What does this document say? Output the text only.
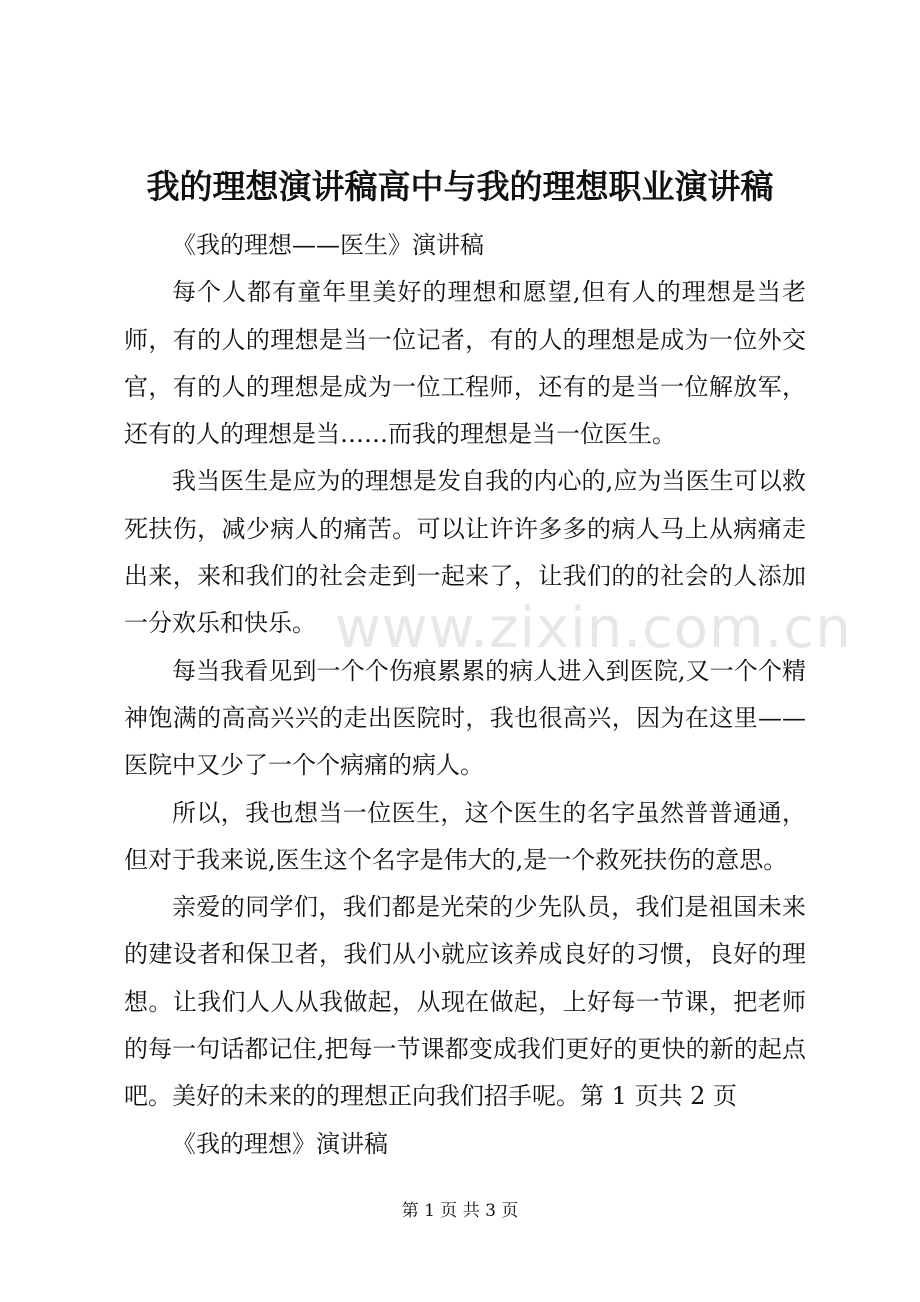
我的理想演讲稿高中与我的理想职业演讲稿

《我的理想——医生》演讲稿

每个人都有童年里美好的理想和愿望,但有人的理想是当老师，有的人的理想是当一位记者，有的人的理想是成为一位外交官，有的人的理想是成为一位工程师，还有的是当一位解放军，还有的人的理想是当……而我的理想是当一位医生。

我当医生是应为的理想是发自我的内心的,应为当医生可以救死扶伤，减少病人的痛苦。可以让许许多多的病人马上从病痛走出来，来和我们的社会走到一起来了，让我们的的社会的人添加一分欢乐和快乐。

每当我看见到一个个伤痕累累的病人进入到医院,又一个个精神饱满的高高兴兴的走出医院时，我也很高兴，因为在这里——医院中又少了一个个病痛的病人。

所以，我也想当一位医生，这个医生的名字虽然普普通通，但对于我来说,医生这个名字是伟大的,是一个救死扶伤的意思。

亲爱的同学们，我们都是光荣的少先队员，我们是祖国未来的建设者和保卫者，我们从小就应该养成良好的习惯，良好的理想。让我们人人从我做起，从现在做起，上好每一节课，把老师的每一句话都记住,把每一节课都变成我们更好的更快的新的起点吧。美好的未来的的理想正向我们招手呢。第 1 页共 2 页

《我的理想》演讲稿

www.zixin.com.cn
第 1 页 共 3 页
